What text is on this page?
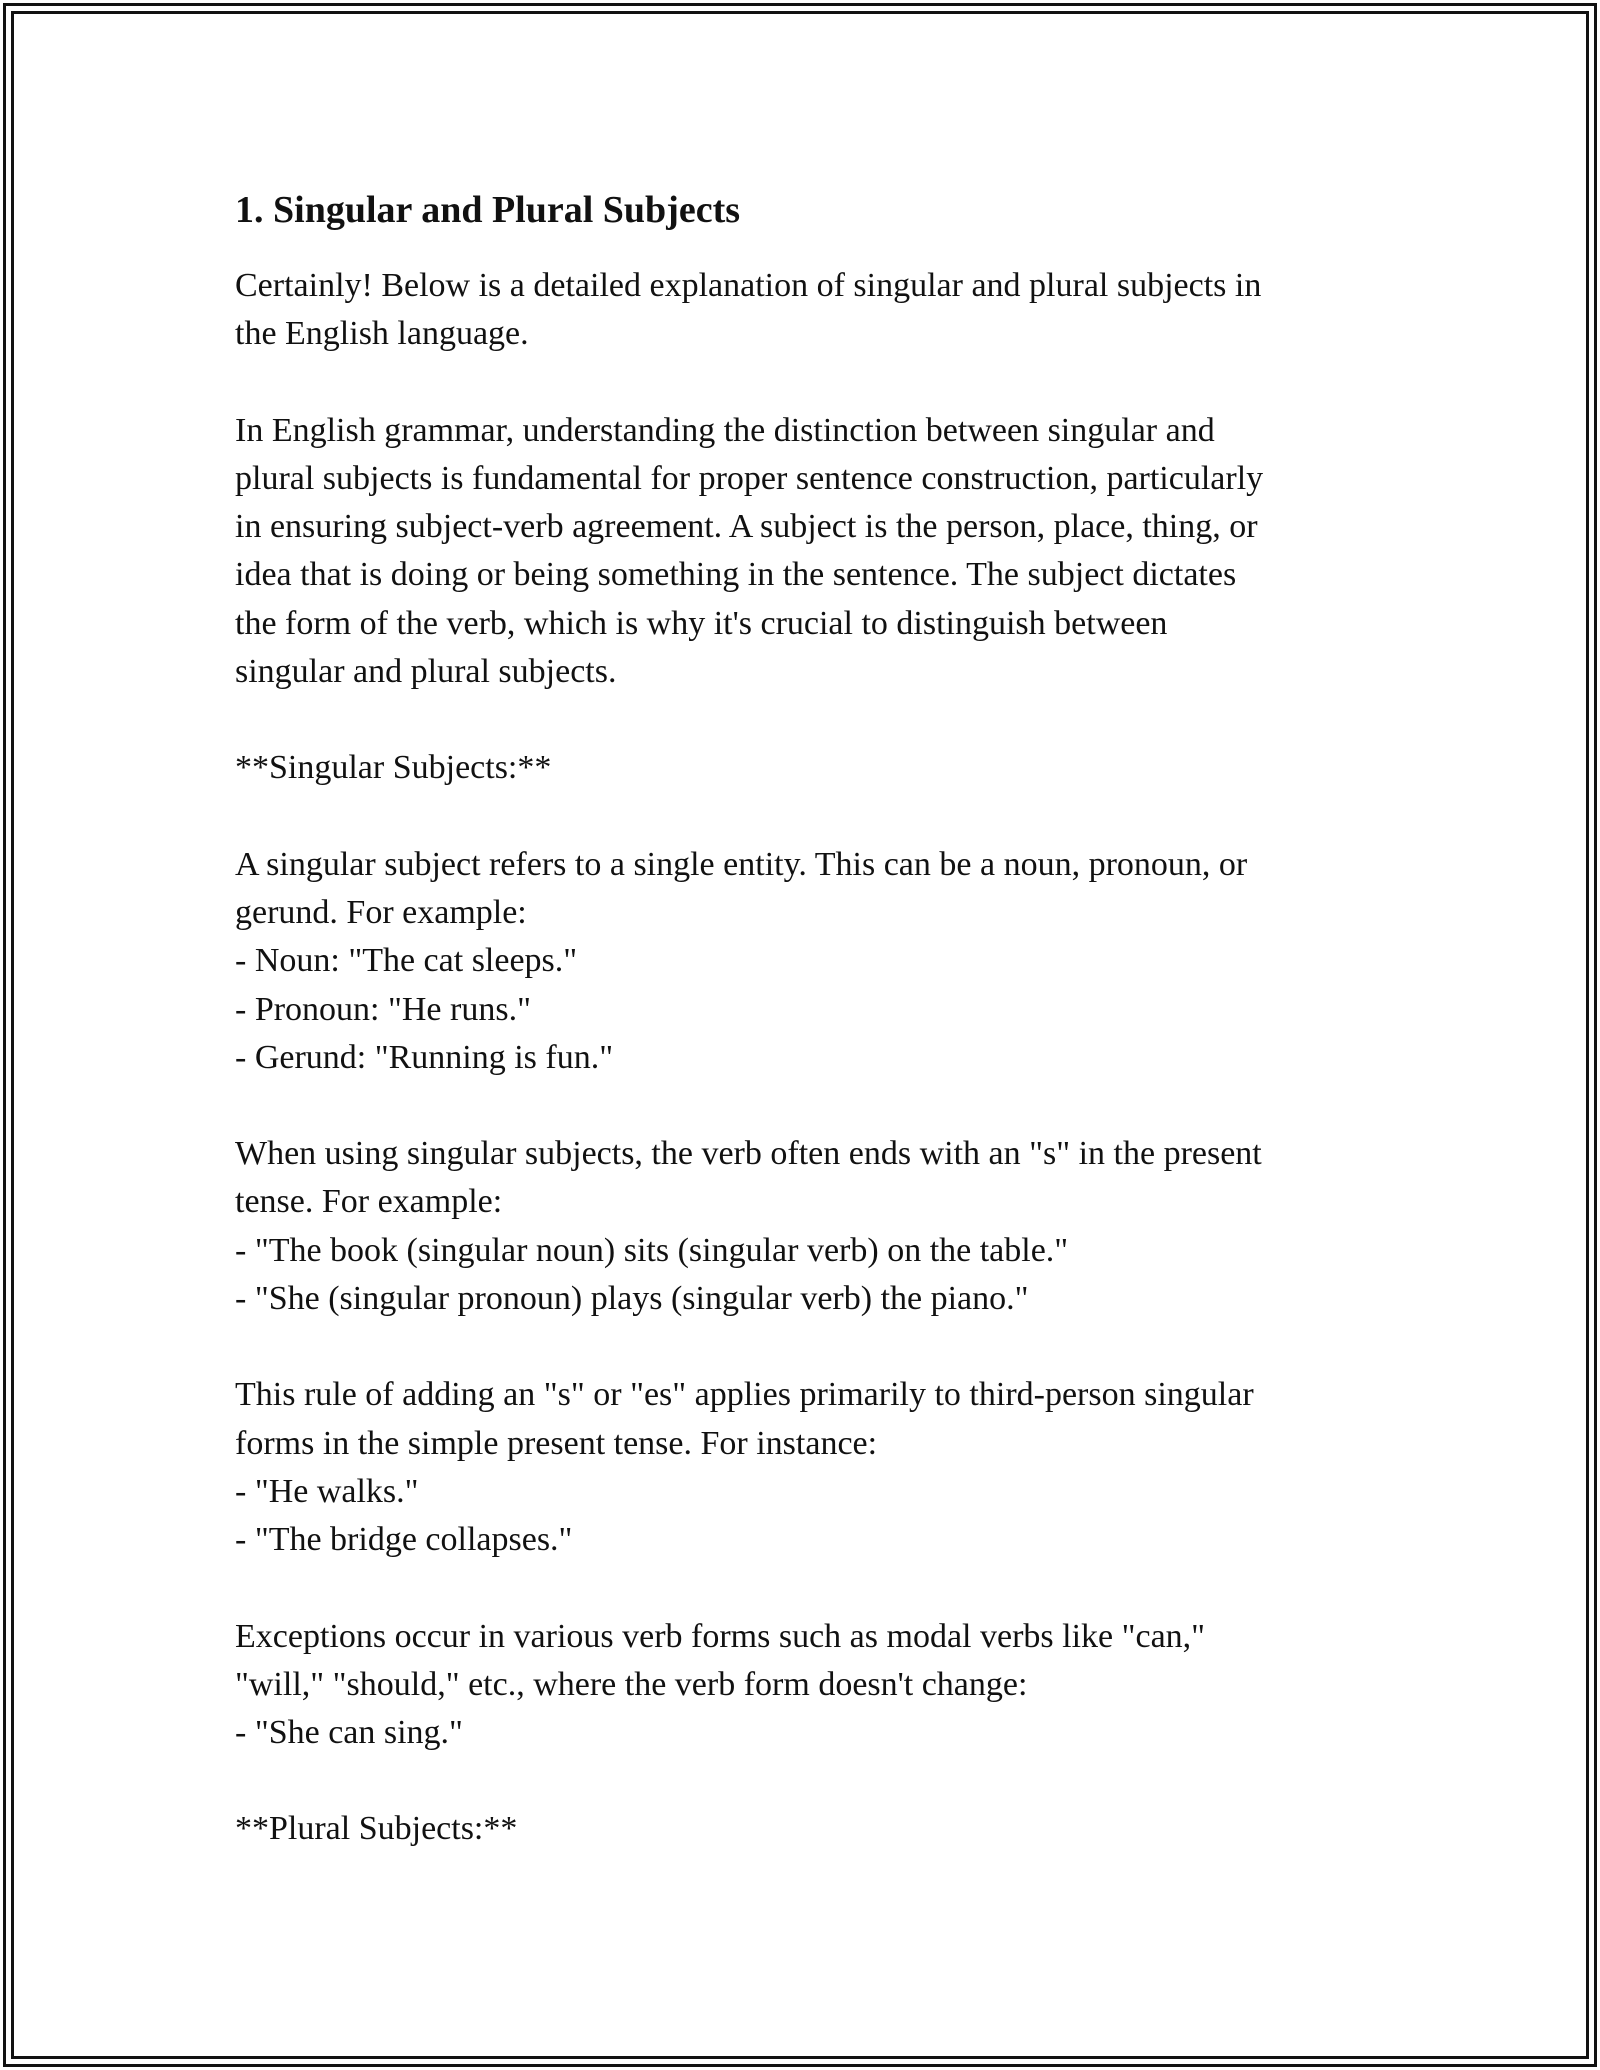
1. Singular and Plural Subjects

Certainly! Below is a detailed explanation of singular and plural subjects in
the English language.

In English grammar, understanding the distinction between singular and
plural subjects is fundamental for proper sentence construction, particularly
in ensuring subject-verb agreement. A subject is the person, place, thing, or
idea that is doing or being something in the sentence. The subject dictates
the form of the verb, which is why it's crucial to distinguish between
singular and plural subjects.

**Singular Subjects:**

A singular subject refers to a single entity. This can be a noun, pronoun, or
gerund. For example:
- Noun: "The cat sleeps."
- Pronoun: "He runs."
- Gerund: "Running is fun."

When using singular subjects, the verb often ends with an "s" in the present
tense. For example:
- "The book (singular noun) sits (singular verb) on the table."
- "She (singular pronoun) plays (singular verb) the piano."

This rule of adding an "s" or "es" applies primarily to third-person singular
forms in the simple present tense. For instance:
- "He walks."
- "The bridge collapses."

Exceptions occur in various verb forms such as modal verbs like "can,"
"will," "should," etc., where the verb form doesn't change:
- "She can sing."

**Plural Subjects:**
